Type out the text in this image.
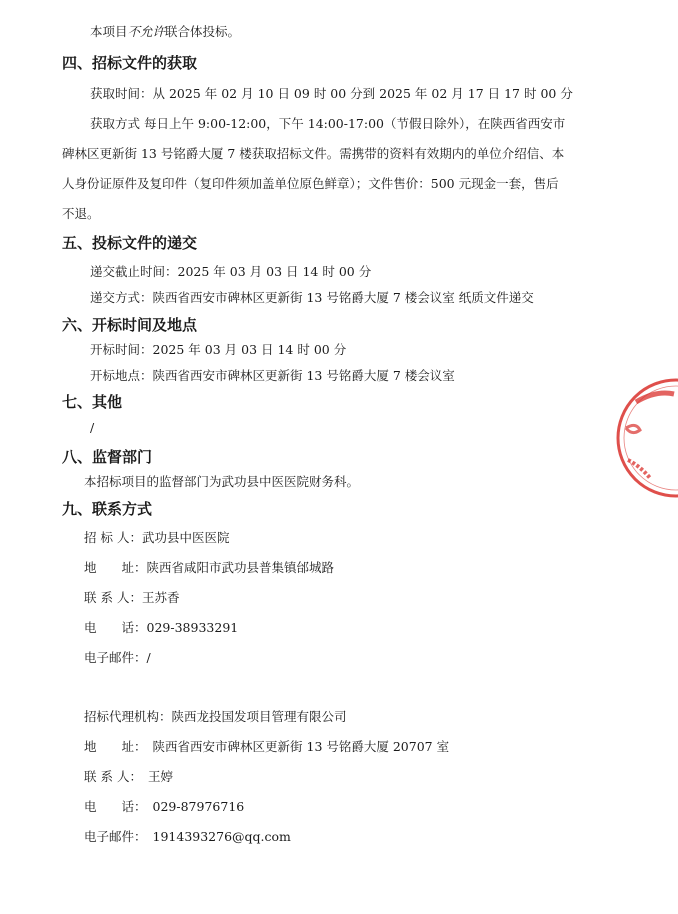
本项目不允许联合体投标。
四、招标文件的获取
获取时间：从 2025 年 02 月 10 日 09 时 00 分到 2025 年 02 月 17 日 17 时 00 分
获取方式 每日上午 9:00-12:00，下午 14:00-17:00（节假日除外），在陕西省西安市
碑林区更新街 13 号铭爵大厦 7 楼获取招标文件。需携带的资料有效期内的单位介绍信、本
人身份证原件及复印件（复印件须加盖单位原色鲜章）；文件售价：500 元现金一套，售后
不退。
五、投标文件的递交
递交截止时间：2025 年 03 月 03 日 14 时 00 分
递交方式：陕西省西安市碑林区更新街 13 号铭爵大厦 7 楼会议室 纸质文件递交
六、开标时间及地点
开标时间：2025 年 03 月 03 日 14 时 00 分
开标地点：陕西省西安市碑林区更新街 13 号铭爵大厦 7 楼会议室
七、其他
/
八、监督部门
本招标项目的监督部门为武功县中医医院财务科。
九、联系方式
招 标 人：武功县中医医院
地　　址：陕西省咸阳市武功县普集镇邰城路
联 系 人：王苏香
电　　话：029-38933291
电子邮件：/
招标代理机构：陕西龙投国发项目管理有限公司
地　　址： 陕西省西安市碑林区更新街 13 号铭爵大厦 20707 室
联 系 人： 王婷
电　　话： 029-87976716
电子邮件： 1914393276@qq.com
